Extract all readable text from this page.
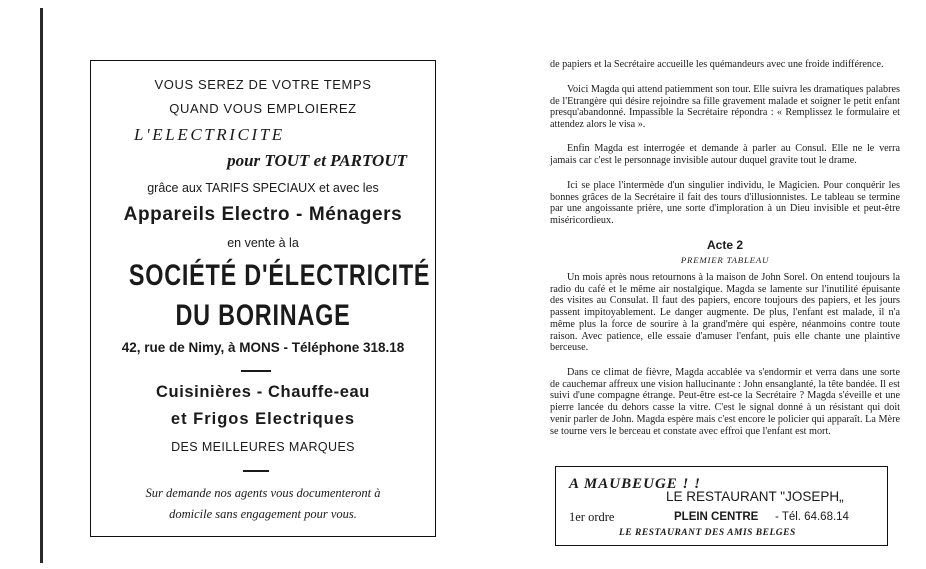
VOUS SEREZ DE VOTRE TEMPS
QUAND VOUS EMPLOIEREZ
L'ELECTRICITE
pour TOUT et PARTOUT
grâce aux TARIFS SPECIAUX et avec les
Appareils Electro - Ménagers
en vente à la
SOCIÉTÉ D'ÉLECTRICITÉ
DU BORINAGE
42, rue de Nimy, à MONS - Téléphone 318.18
Cuisinières - Chauffe-eau
et Frigos Electriques
DES MEILLEURES MARQUES
Sur demande nos agents vous documenteront à
domicile sans engagement pour vous.

de papiers et la Secrétaire accueille les quémandeurs avec une froide indifférence.

Voici Magda qui attend patiemment son tour. Elle suivra les dramatiques palabres de l'Etrangère qui désire rejoindre sa fille gravement malade et soigner le petit enfant presqu'abandonné. Impassible la Secrétaire répondra : « Remplissez le formulaire et attendez alors le visa ».

Enfin Magda est interrogée et demande à parler au Consul. Elle ne le verra jamais car c'est le personnage invisible autour duquel gravite tout le drame.

Ici se place l'intermède d'un singulier individu, le Magicien. Pour conquérir les bonnes grâces de la Secrétaire il fait des tours d'illusionnistes. Le tableau se termine par une angoissante prière, une sorte d'imploration à un Dieu invisible et peut-être miséricordieux.

Acte 2
PREMIER TABLEAU

Un mois après nous retournons à la maison de John Sorel. On entend toujours la radio du café et le même air nostalgique. Magda se lamente sur l'inutilité épuisante des visites au Consulat. Il faut des papiers, encore toujours des papiers, et les jours passent impitoyablement. Le danger augmente. De plus, l'enfant est malade, il n'a même plus la force de sourire à la grand'mère qui espère, néanmoins contre toute raison. Avec patience, elle essaie d'amuser l'enfant, puis elle chante une plaintive berceuse.

Dans ce climat de fièvre, Magda accablée va s'endormir et verra dans une sorte de cauchemar affreux une vision hallucinante : John ensanglanté, la tête bandée. Il est suivi d'une compagne étrange. Peut-être est-ce la Secrétaire ? Magda s'éveille et une pierre lancée du dehors casse la vitre. C'est le signal donné à un résistant qui doit venir parler de John. Magda espère mais c'est encore le policier qui apparaît. La Mère se tourne vers le berceau et constate avec effroi que l'enfant est mort.

A MAUBEUGE ! !
LE RESTAURANT "JOSEPH„
1er ordre	PLEIN CENTRE - Tél. 64.68.14
LE RESTAURANT DES AMIS BELGES
